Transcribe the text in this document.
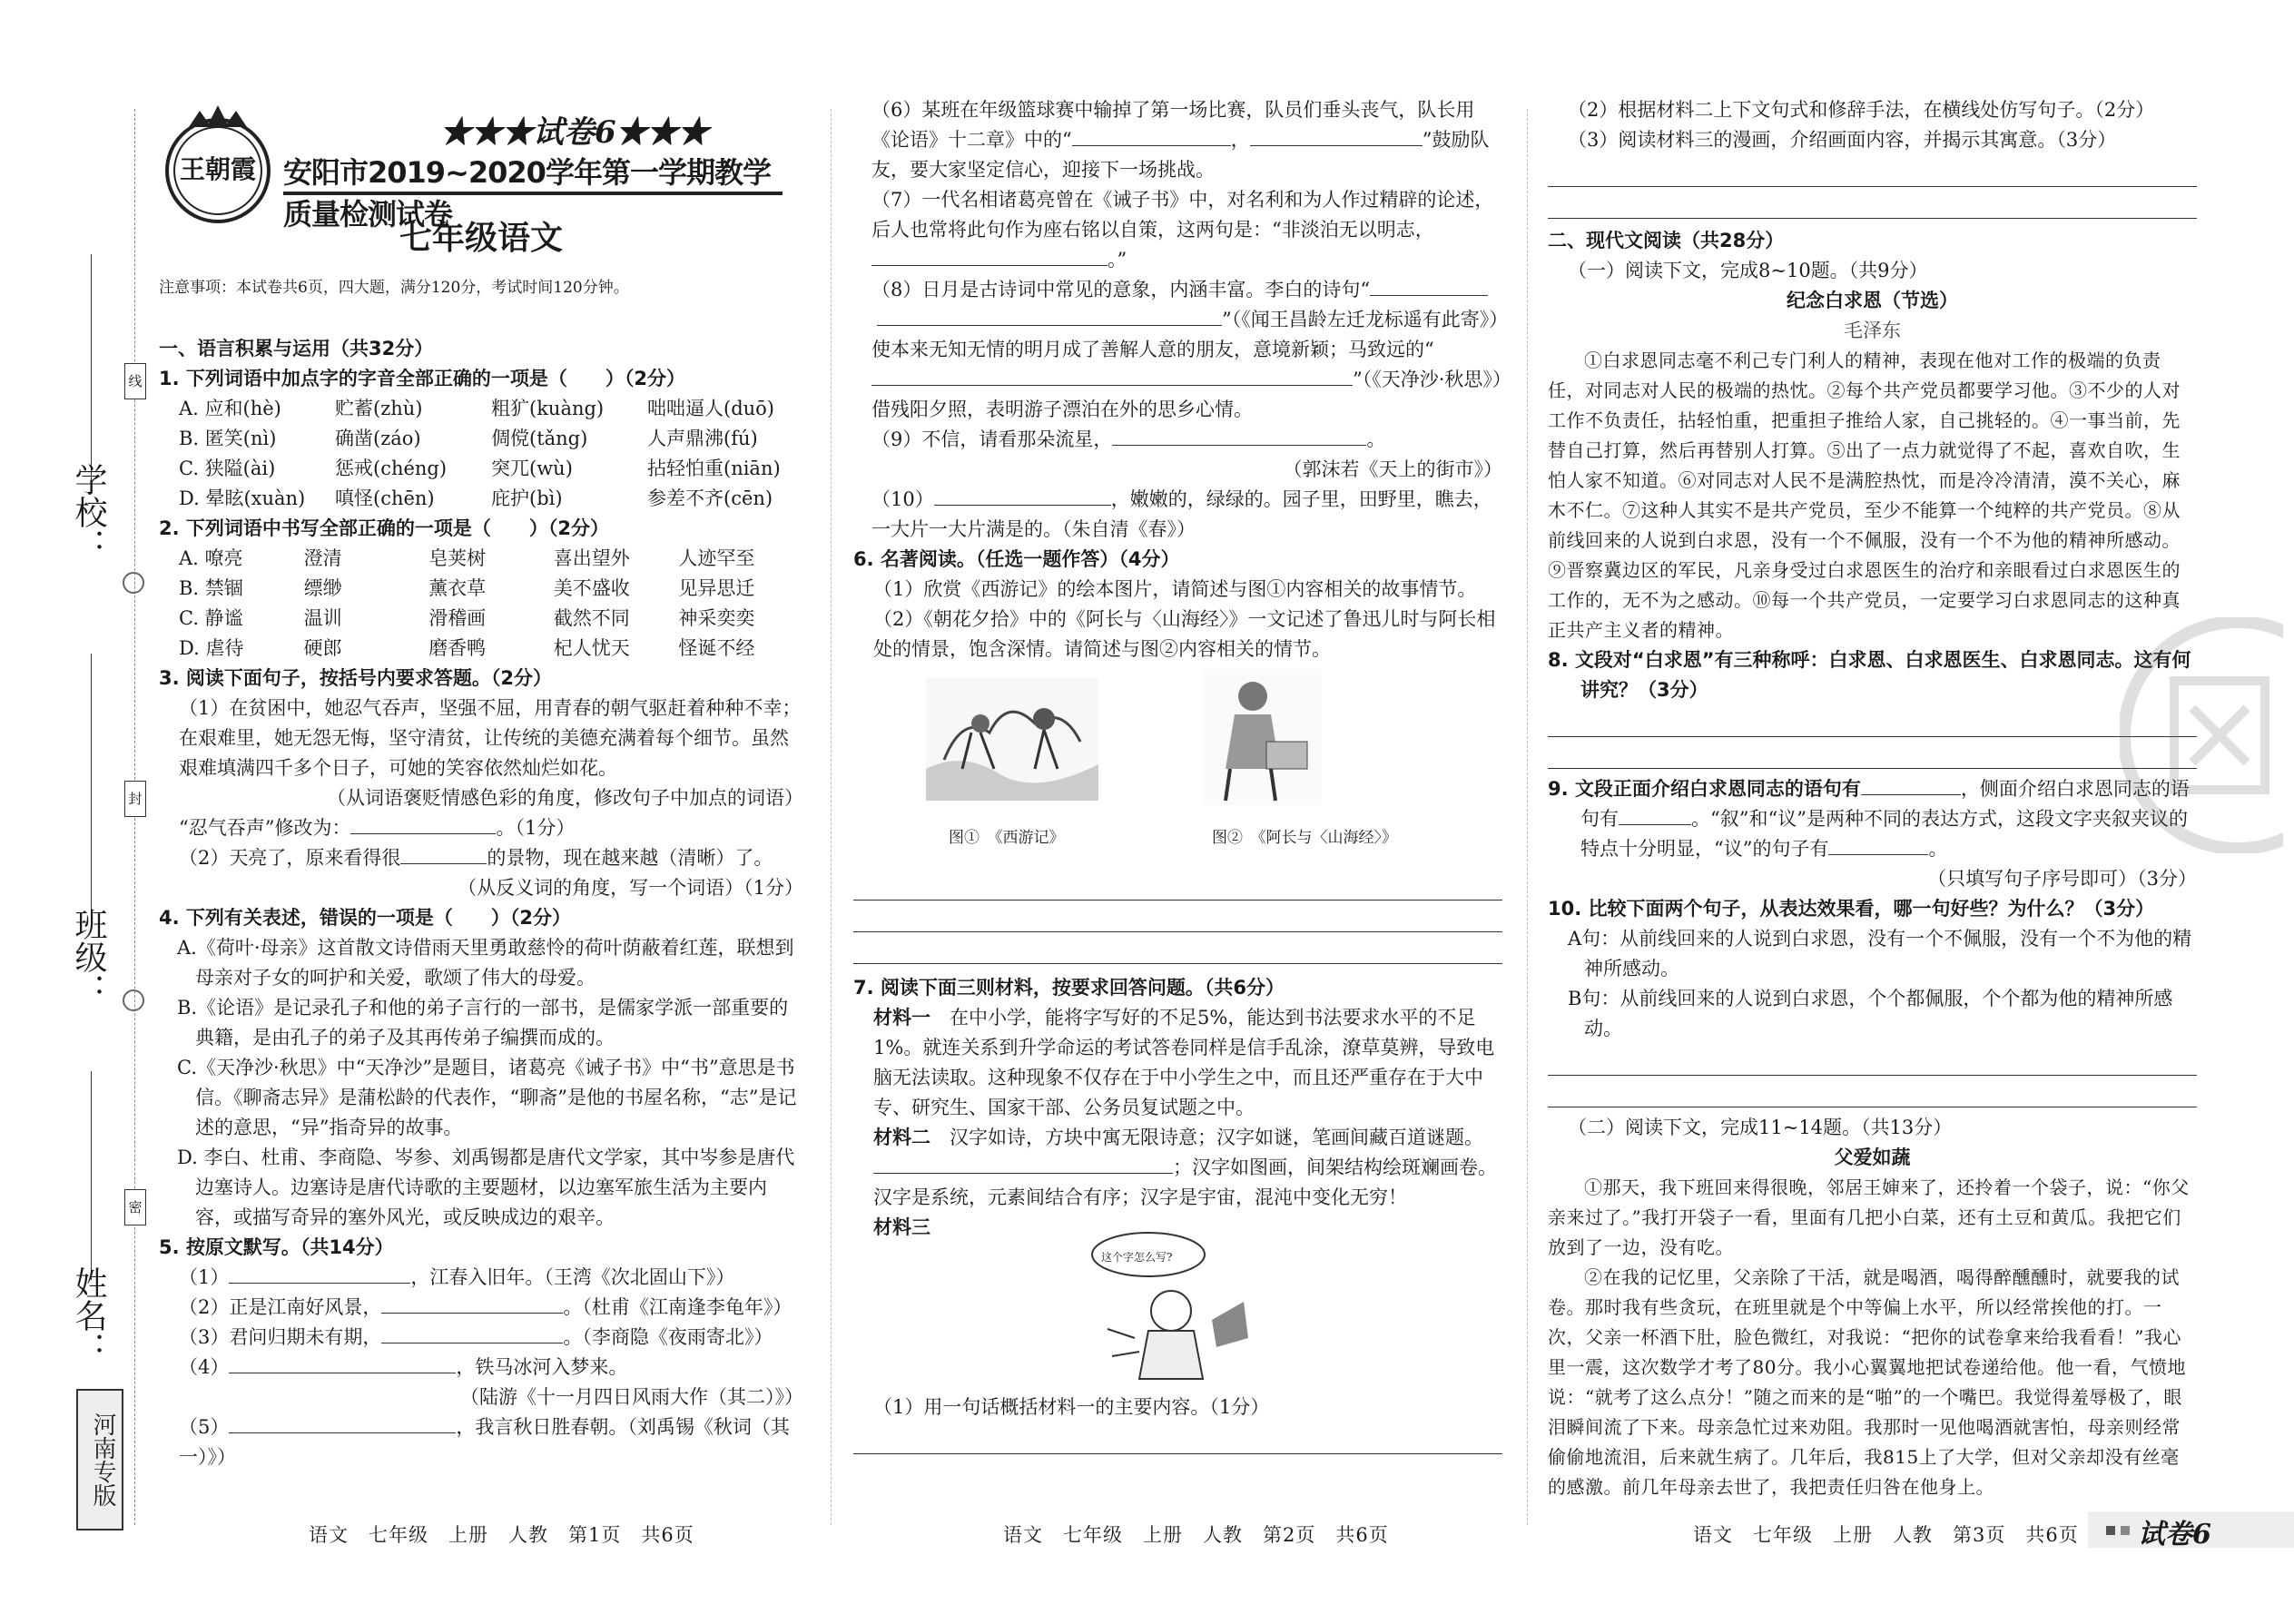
学校：
班级：
姓名：
线
封
密
河南专版
王朝霞
★★★试卷6★★★
安阳市2019~2020学年第一学期教学质量检测试卷
七年级语文
注意事项：本试卷共6页，四大题，满分120分，考试时间120分钟。

一、语言积累与运用（共32分）

1. 下列词语中加点字的字音全部正确的一项是（　　）（2分）

A. 应和(hè)	贮蓄(zhù)	粗犷(kuàng)	咄咄逼人(duō)
B. 匿笑(nì)	确凿(záo)	倜傥(tǎng)	人声鼎沸(fú)
C. 狭隘(ài)	惩戒(chéng)	突兀(wù)	拈轻怕重(niān)
D. 晕眩(xuàn)	嗔怪(chēn)	庇护(bì)	参差不齐(cēn)

2. 下列词语中书写全部正确的一项是（　　）（2分）

A. 嘹亮	澄清	皂荚树	喜出望外	人迹罕至
B. 禁锢	缥缈	薰衣草	美不盛收	见异思迁
C. 静谧	温训	滑稽画	截然不同	神采奕奕
D. 虐待	硬郎	磨香鸭	杞人忧天	怪诞不经

3. 阅读下面句子，按括号内要求答题。（2分）

（1）在贫困中，她忍气吞声，坚强不屈，用青春的朝气驱赶着种种不幸；在艰难里，她无怨无悔，坚守清贫，让传统的美德充满着每个细节。虽然艰难填满四千多个日子，可她的笑容依然灿烂如花。

（从词语褒贬情感色彩的角度，修改句子中加点的词语）

“忍气吞声”修改为：	。（1分）

（2）天亮了，原来看得很	的景物，现在越来越（清晰）了。

（从反义词的角度，写一个词语）（1分）

4. 下列有关表述，错误的一项是（　　）（2分）

A.《荷叶·母亲》这首散文诗借雨天里勇敢慈怜的荷叶荫蔽着红莲，联想到母亲对子女的呵护和关爱，歌颂了伟大的母爱。

B.《论语》是记录孔子和他的弟子言行的一部书，是儒家学派一部重要的典籍，是由孔子的弟子及其再传弟子编撰而成的。

C.《天净沙·秋思》中“天净沙”是题目，诸葛亮《诫子书》中“书”意思是书信。《聊斋志异》是蒲松龄的代表作，“聊斋”是他的书屋名称，“志”是记述的意思，“异”指奇异的故事。

D. 李白、杜甫、李商隐、岑参、刘禹锡都是唐代文学家，其中岑参是唐代边塞诗人。边塞诗是唐代诗歌的主要题材，以边塞军旅生活为主要内容，或描写奇异的塞外风光，或反映成边的艰辛。

5. 按原文默写。（共14分）

（1）	，江春入旧年。（王湾《次北固山下》）

（2）正是江南好风景，	。（杜甫《江南逢李龟年》）

（3）君问归期未有期，	。（李商隐《夜雨寄北》）

（4）	，铁马冰河入梦来。

（陆游《十一月四日风雨大作（其二）》）

（5）	，我言秋日胜春朝。（刘禹锡《秋词（其一）》）

语文　七年级　上册　人教　第1页　共6页

（6）某班在年级篮球赛中输掉了第一场比赛，队员们垂头丧气，队长用《论语》十二章》中的“	，	”鼓励队友，要大家坚定信心，迎接下一场挑战。

（7）一代名相诸葛亮曾在《诫子书》中，对名利和为人作过精辟的论述，后人也常将此句作为座右铭以自策，这两句是：“非淡泊无以明志，。”

（8）日月是古诗词中常见的意象，内涵丰富。李白的诗句“”（《闻王昌龄左迁龙标遥有此寄》）使本来无知无情的明月成了善解人意的朋友，意境新颖；马致远的“”（《天净沙·秋思》）借残阳夕照，表明游子漂泊在外的思乡心情。

（9）不信，请看那朵流星，	。

（郭沫若《天上的街市》）

（10）	，嫩嫩的，绿绿的。园子里，田野里，瞧去，一大片一大片满是的。（朱自清《春》）

6. 名著阅读。（任选一题作答）（4分）

（1）欣赏《西游记》的绘本图片，请简述与图①内容相关的故事情节。

（2）《朝花夕拾》中的《阿长与〈山海经〉》一文记述了鲁迅儿时与阿长相处的情景，饱含深情。请简述与图②内容相关的情节。

图①　《西游记》	图②　《阿长与〈山海经〉》

7. 阅读下面三则材料，按要求回答问题。（共6分）

材料一　 在中小学，能将字写好的不足5%，能达到书法要求水平的不足1%。就连关系到升学命运的考试答卷同样是信手乱涂，潦草莫辨，导致电脑无法读取。这种现象不仅存在于中小学生之中，而且还严重存在于大中专、研究生、国家干部、公务员复试题之中。

材料二　 汉字如诗，方块中寓无限诗意；汉字如谜，笔画间藏百道谜题。；汉字如图画，间架结构绘斑斓画卷。汉字是系统，元素间结合有序；汉字是宇宙，混沌中变化无穷！

材料三

这个字怎么写?

（1）用一句话概括材料一的主要内容。（1分）

语文　七年级　上册　人教　第2页　共6页

（2）根据材料二上下文句式和修辞手法，在横线处仿写句子。（2分）

（3）阅读材料三的漫画，介绍画面内容，并揭示其寓意。（3分）

二、现代文阅读（共28分）

（一）阅读下文，完成8~10题。（共9分）

纪念白求恩（节选）

毛泽东

①白求恩同志毫不利己专门利人的精神，表现在他对工作的极端的负责任，对同志对人民的极端的热忱。②每个共产党员都要学习他。③不少的人对工作不负责任，拈轻怕重，把重担子推给人家，自己挑轻的。④一事当前，先替自己打算，然后再替别人打算。⑤出了一点力就觉得了不起，喜欢自吹，生怕人家不知道。⑥对同志对人民不是满腔热忱，而是冷冷清清，漠不关心，麻木不仁。⑦这种人其实不是共产党员，至少不能算一个纯粹的共产党员。⑧从前线回来的人说到白求恩，没有一个不佩服，没有一个不为他的精神所感动。⑨晋察冀边区的军民，凡亲身受过白求恩医生的治疗和亲眼看过白求恩医生的工作的，无不为之感动。⑩每一个共产党员，一定要学习白求恩同志的这种真正共产主义者的精神。

8. 文段对“白求恩”有三种称呼：白求恩、白求恩医生、白求恩同志。这有何讲究？（3分）

9. 文段正面介绍白求恩同志的语句有	，侧面介绍白求恩同志的语句有	。“叙”和“议”是两种不同的表达方式，这段文字夹叙夹议的特点十分明显，“议”的句子有	。

（只填写句子序号即可）（3分）

10. 比较下面两个句子，从表达效果看，哪一句好些？为什么？（3分）

A句：从前线回来的人说到白求恩，没有一个不佩服，没有一个不为他的精神所感动。

B句：从前线回来的人说到白求恩，个个都佩服，个个都为他的精神所感动。

（二）阅读下文，完成11~14题。（共13分）

父爱如蔬

①那天，我下班回来得很晚，邻居王婶来了，还拎着一个袋子，说：“你父亲来过了。”我打开袋子一看，里面有几把小白菜，还有土豆和黄瓜。我把它们放到了一边，没有吃。

②在我的记忆里，父亲除了干活，就是喝酒，喝得醉醺醺时，就要我的试卷。那时我有些贪玩，在班里就是个中等偏上水平，所以经常挨他的打。一次，父亲一杯酒下肚，脸色微红，对我说：“把你的试卷拿来给我看看！”我心里一震，这次数学才考了80分。我小心翼翼地把试卷递给他。他一看，气愤地说：“就考了这么点分！”随之而来的是“啪”的一个嘴巴。我觉得羞辱极了，眼泪瞬间流了下来。母亲急忙过来劝阻。我那时一见他喝酒就害怕，母亲则经常偷偷地流泪，后来就生病了。几年后，我815上了大学，但对父亲却没有丝毫的感激。前几年母亲去世了，我把责任归咎在他身上。

语文　七年级　上册　人教　第3页　共6页 试卷6
